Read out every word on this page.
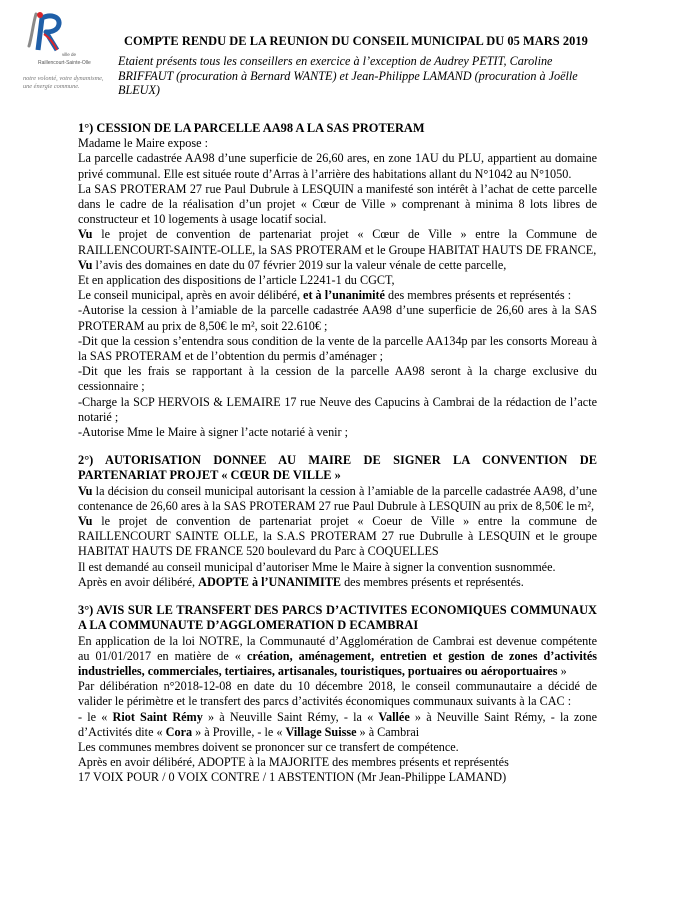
ville de
Raillencourt-Sainte-Olle
notre volonté, votre dynamisme, une énergie commune.
COMPTE RENDU DE LA REUNION DU CONSEIL MUNICIPAL DU 05 MARS 2019
Etaient présents tous les conseillers en exercice à l’exception de Audrey PETIT, Caroline BRIFFAUT (procuration à Bernard WANTE) et Jean-Philippe LAMAND (procuration à Joëlle BLEUX)
1°) CESSION DE LA PARCELLE AA98 A LA SAS PROTERAM

Madame le Maire expose :

La parcelle cadastrée AA98 d’une superficie de 26,60 ares, en zone 1AU du PLU, appartient au domaine privé communal. Elle est située route d’Arras à l’arrière des habitations allant du N°1042 au N°1050.

La SAS PROTERAM 27 rue Paul Dubrule à LESQUIN a manifesté son intérêt à l’achat de cette parcelle dans le cadre de la réalisation d’un projet « Cœur de Ville » comprenant à minima 8 lots libres de constructeur et 10 logements à usage locatif social.

Vu le projet de convention de partenariat projet « Cœur de Ville » entre la Commune de RAILLENCOURT-SAINTE-OLLE, la SAS PROTERAM et le Groupe HABITAT HAUTS DE FRANCE,

Vu l’avis des domaines en date du 07 février 2019 sur la valeur vénale de cette parcelle,

Et en application des dispositions de l’article L2241-1 du CGCT,

Le conseil municipal, après en avoir délibéré, et à l’unanimité des membres présents et représentés :

-Autorise la cession à l’amiable de la parcelle cadastrée AA98 d’une superficie de 26,60 ares à la SAS PROTERAM au prix de 8,50€ le m², soit 22.610€ ;

-Dit que la cession s’entendra sous condition de la vente de la parcelle AA134p par les consorts Moreau à la SAS PROTERAM et de l’obtention du permis d’aménager ;

-Dit que les frais se rapportant à la cession de la parcelle AA98 seront à la charge exclusive du cessionnaire ;

-Charge la SCP HERVOIS & LEMAIRE 17 rue Neuve des Capucins à Cambrai de la rédaction de l’acte notarié ;

-Autorise Mme le Maire à signer l’acte notarié à venir ;

2°) AUTORISATION DONNEE AU MAIRE DE SIGNER LA CONVENTION DE PARTENARIAT PROJET « CŒUR DE VILLE »

Vu la décision du conseil municipal autorisant la cession à l’amiable de la parcelle cadastrée AA98, d’une contenance de 26,60 ares à la SAS PROTERAM 27 rue Paul Dubrule à LESQUIN au prix de 8,50€ le m²,

Vu le projet de convention de partenariat projet « Coeur de Ville » entre la commune de RAILLENCOURT SAINTE OLLE, la S.A.S PROTERAM 27 rue Dubrulle à LESQUIN et le groupe HABITAT HAUTS DE FRANCE 520 boulevard du Parc à COQUELLES

Il est demandé au conseil municipal d’autoriser Mme le Maire à signer la convention susnommée.

Après en avoir délibéré, ADOPTE à l’UNANIMITE des membres présents et représentés.

3°) AVIS SUR LE TRANSFERT DES PARCS D’ACTIVITES ECONOMIQUES COMMUNAUX A LA COMMUNAUTE D’AGGLOMERATION D ECAMBRAI

En application de la loi NOTRE, la Communauté d’Agglomération de Cambrai est devenue compétente au 01/01/2017 en matière de « création, aménagement, entretien et gestion de zones d’activités industrielles, commerciales, tertiaires, artisanales, touristiques, portuaires ou aéroportuaires »

Par délibération n°2018-12-08 en date du 10 décembre 2018, le conseil communautaire a décidé de valider le périmètre et le transfert des parcs d’activités économiques communaux suivants à la CAC :

- le « Riot Saint Rémy » à Neuville Saint Rémy, - la « Vallée » à Neuville Saint Rémy, - la zone d’Activités dite « Cora » à Proville, - le « Village Suisse » à Cambrai

Les communes membres doivent se prononcer sur ce transfert de compétence.

Après en avoir délibéré, ADOPTE à la MAJORITE des membres présents et représentés

17 VOIX POUR / 0 VOIX CONTRE / 1 ABSTENTION (Mr Jean-Philippe LAMAND)
